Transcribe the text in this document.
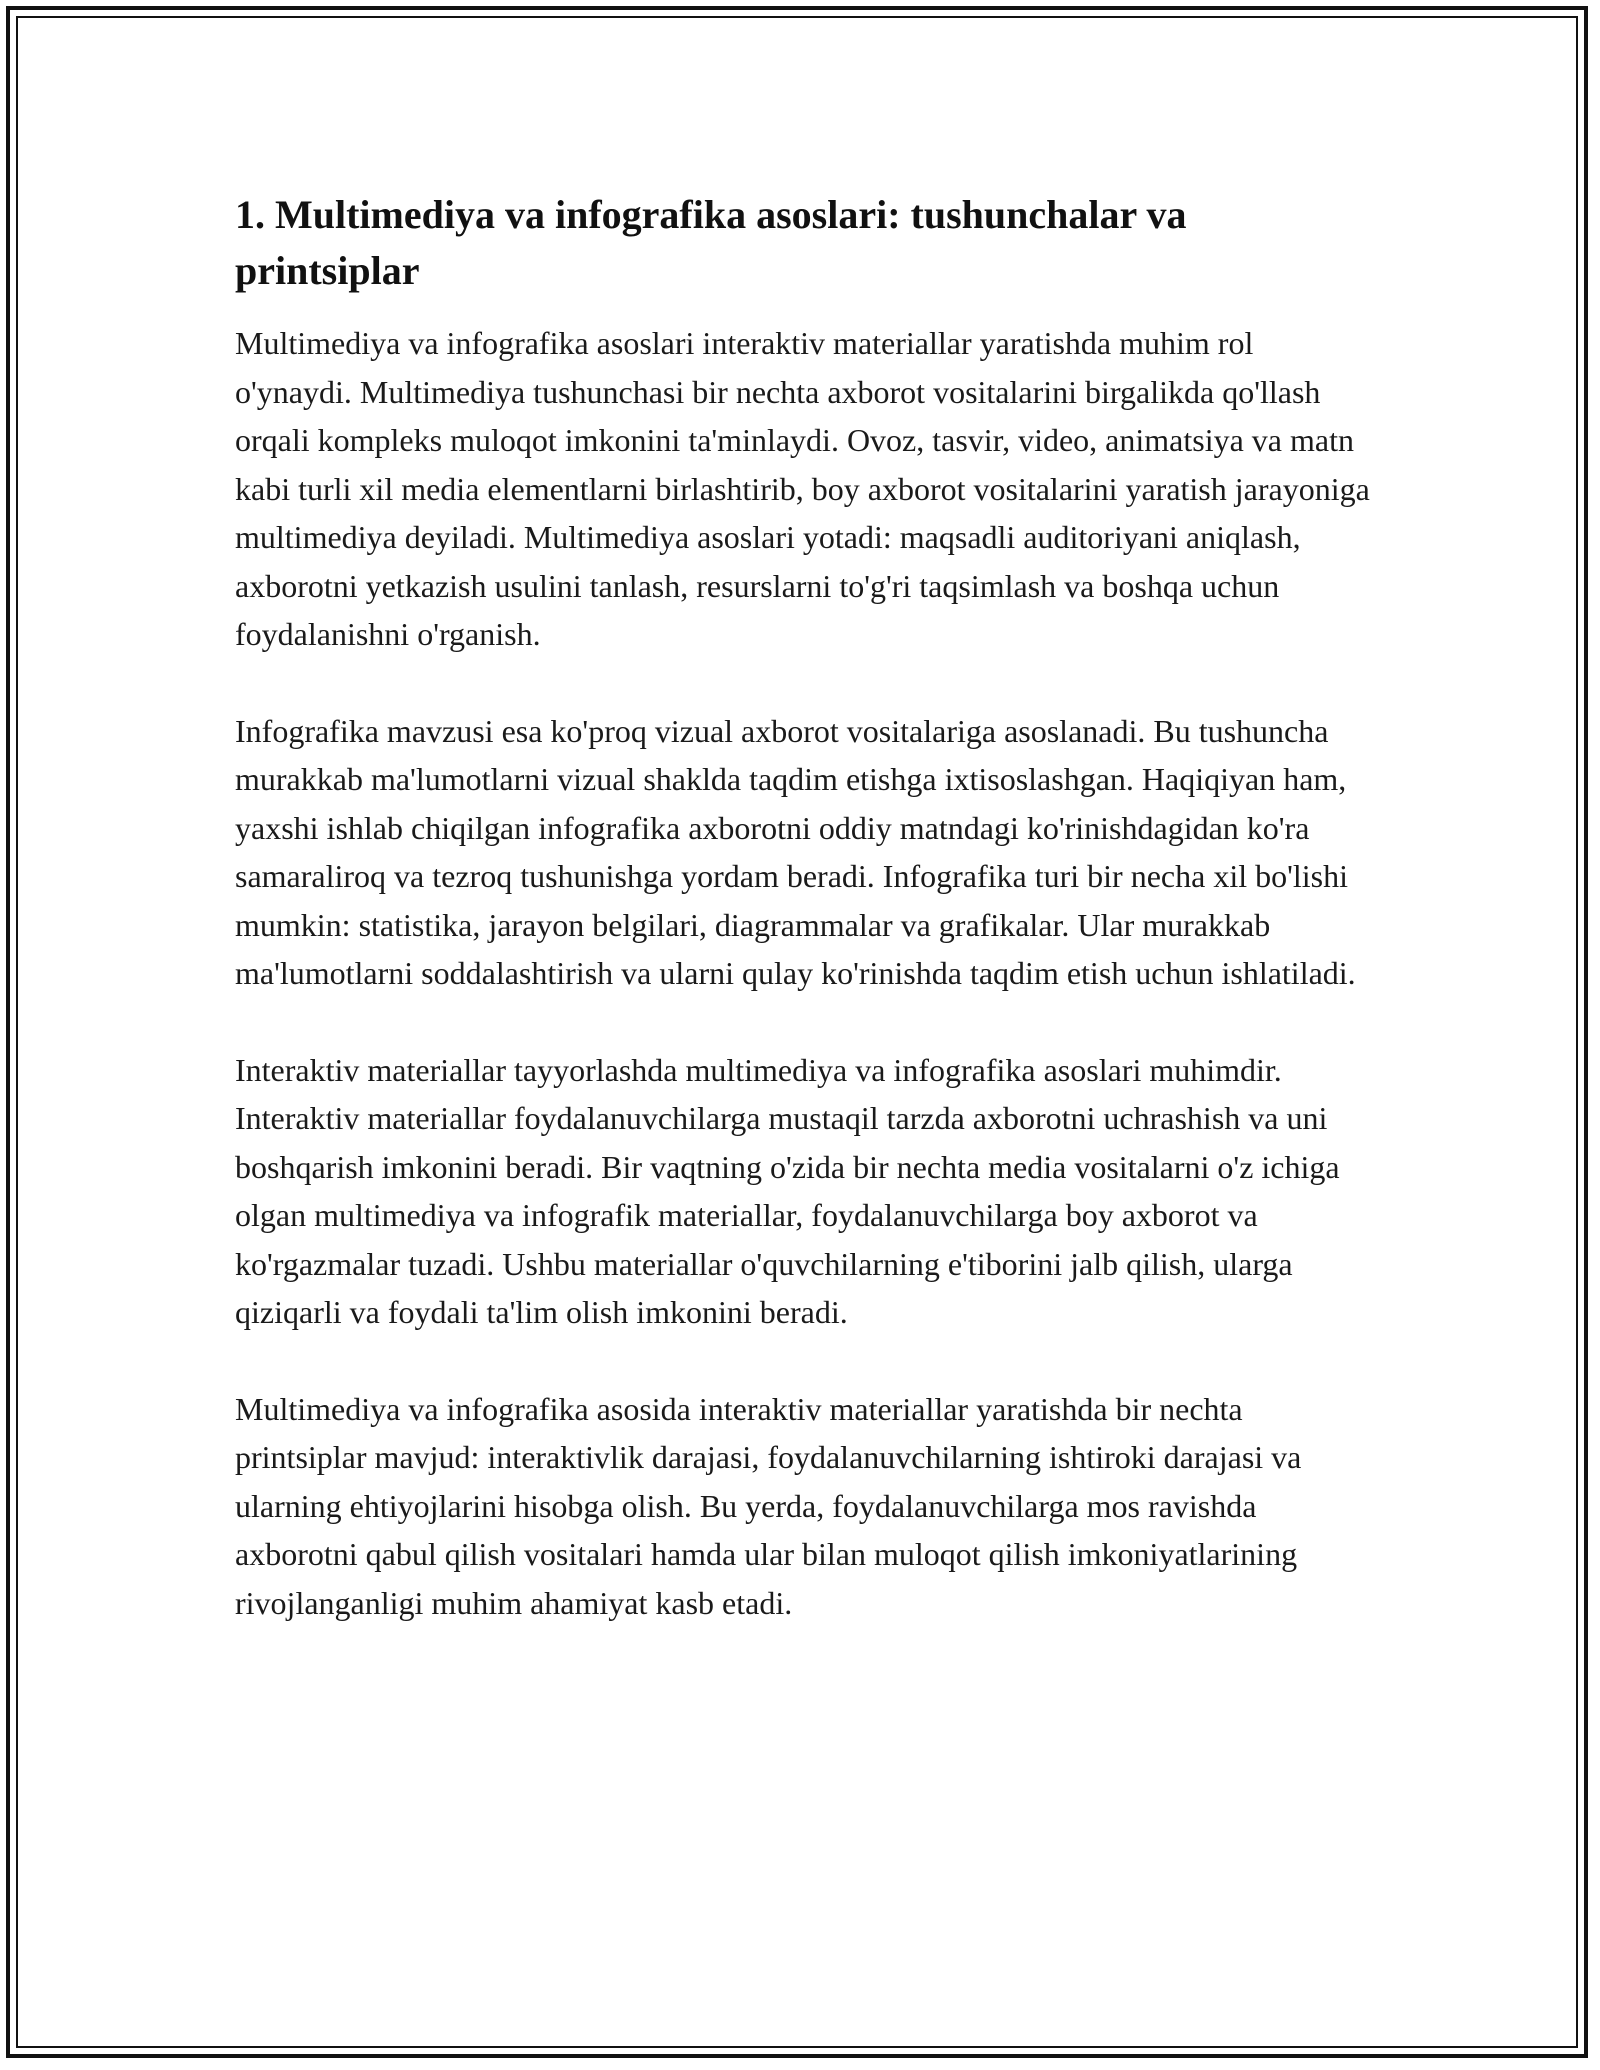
1. Multimediya va infografika asoslari: tushunchalar va printsiplar

Multimediya va infografika asoslari interaktiv materiallar yaratishda muhim rol o'ynaydi. Multimediya tushunchasi bir nechta axborot vositalarini birgalikda qo'llash orqali kompleks muloqot imkonini ta'minlaydi. Ovoz, tasvir, video, animatsiya va matn kabi turli xil media elementlarni birlashtirib, boy axborot vositalarini yaratish jarayoniga multimediya deyiladi. Multimediya asoslari yotadi: maqsadli auditoriyani aniqlash, axborotni yetkazish usulini tanlash, resurslarni to'g'ri taqsimlash va boshqa uchun foydalanishni o'rganish.

Infografika mavzusi esa ko'proq vizual axborot vositalariga asoslanadi. Bu tushuncha murakkab ma'lumotlarni vizual shakldа taqdim etishga ixtisoslashgan. Haqiqiyan ham, yaxshi ishlab chiqilgan infografika axborotni oddiy matndagi ko'rinishdagidan ko'ra samaraliroq va tezroq tushunishga yordam beradi. Infografika turi bir necha xil bo'lishi mumkin: statistika, jarayon belgilari, diagrammalar va grafikalar. Ular murakkab ma'lumotlarni soddalashtirish va ularni qulay ko'rinishda taqdim etish uchun ishlatiladi.

Interaktiv materiallar tayyorlashda multimediya va infografika asoslari muhimdir. Interaktiv materiallar foydalanuvchilarga mustaqil tarzda axborotni uchrashish va uni boshqarish imkonini beradi. Bir vaqtning o'zida bir nechta media vositalarni o'z ichiga olgan multimediya va infografik materiallar, foydalanuvchilarga boy axborot va ko'rgazmalar tuzadi. Ushbu materiallar o'quvchilarning e'tiborini jalb qilish, ularga qiziqarli va foydali ta'lim olish imkonini beradi.

Multimediya va infografika asosida interaktiv materiallar yaratishda bir nechta printsiplar mavjud: interaktivlik darajasi, foydalanuvchilarning ishtiroki darajasi va ularning ehtiyojlarini hisobga olish. Bu yerda, foydalanuvchilarga mos ravishda axborotni qabul qilish vositalari hamda ular bilan muloqot qilish imkoniyatlarining rivojlanganligi muhim ahamiyat kasb etadi.
